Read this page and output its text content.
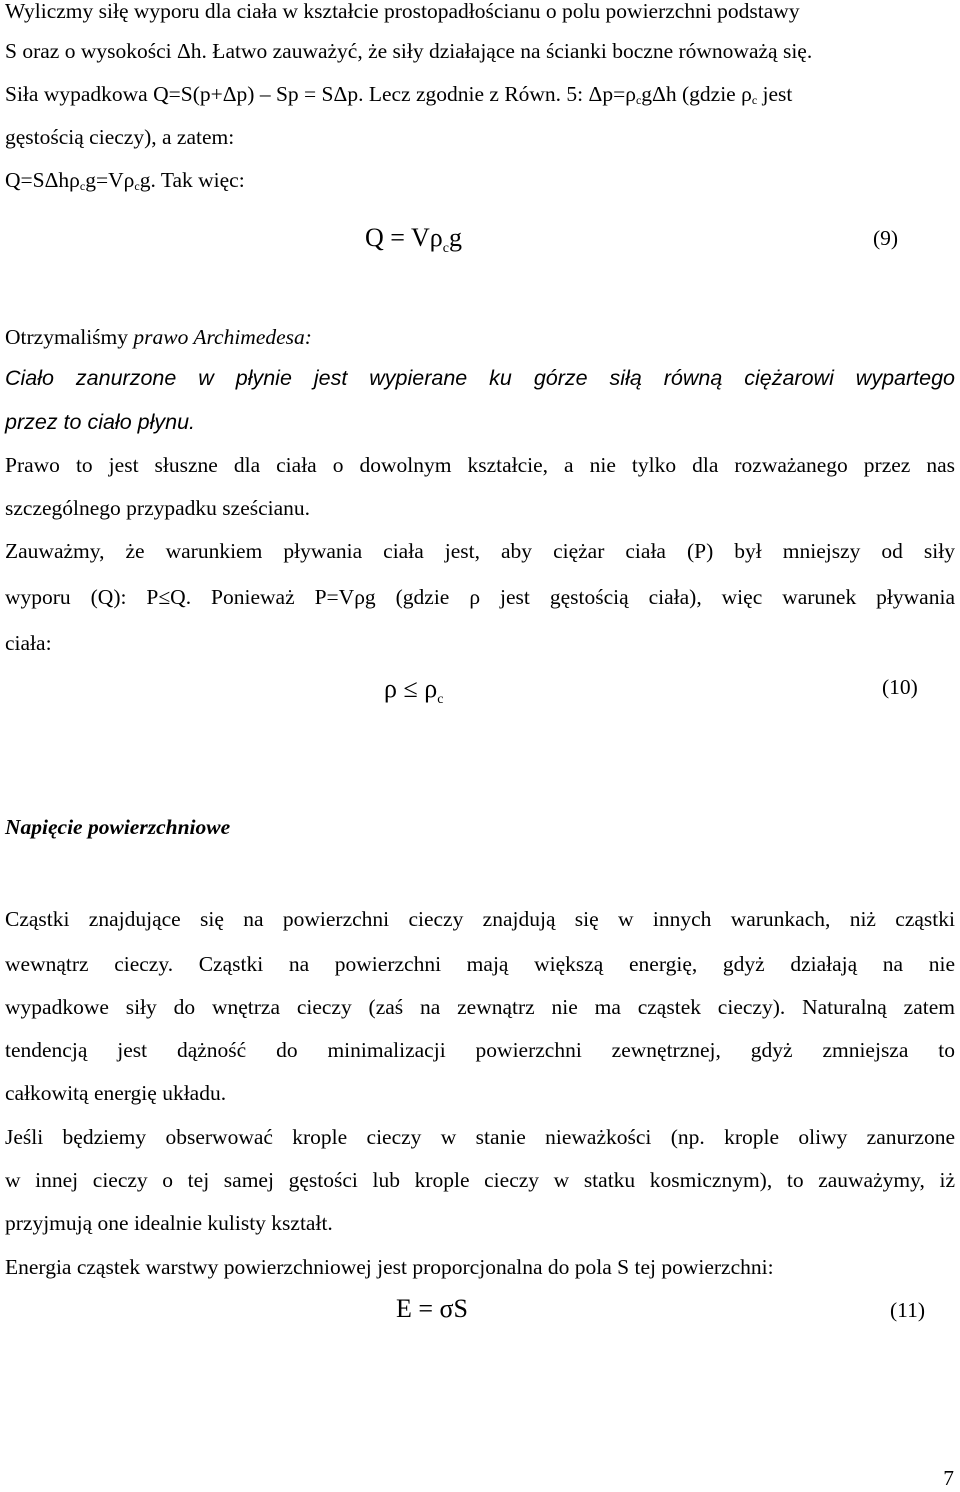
Wyliczmy siłę wyporu dla ciała w kształcie prostopadłościanu o polu powierzchni podstawy
S oraz o wysokości Δh. Łatwo zauważyć, że siły działające na ścianki boczne równoważą się.
Siła wypadkowa Q=S(p+Δp) – Sp = SΔp. Lecz zgodnie z Równ. 5: $\Delta p=\rho_cg\Delta h$ (gdzie $\rho_c$ jest
gęstością cieczy), a zatem:
$Q=S\Delta h\rho_cg=V\rho_cg$. Tak więc:
$Q = V\rho_cg$	(9)
Otrzymaliśmy prawo Archimedesa:
Ciało zanurzone w płynie jest wypierane ku górze siłą równą ciężarowi wypartego
przez to ciało płynu.
Prawo to jest słuszne dla ciała o dowolnym kształcie, a nie tylko dla rozważanego przez nas
szczególnego przypadku sześcianu.
Zauważmy, że warunkiem pływania ciała jest, aby ciężar ciała (P) był mniejszy od siły
wyporu (Q): P≤Q. Ponieważ P=Vρg (gdzie ρ jest gęstością ciała), więc warunek pływania
ciała:
$\rho \le \rho_c$
(10)
Napięcie powierzchniowe
Cząstki znajdujące się na powierzchni cieczy znajdują się w innych warunkach, niż cząstki
wewnątrz cieczy. Cząstki na powierzchni mają większą energię, gdyż działają na nie
wypadkowe siły do wnętrza cieczy (zaś na zewnątrz nie ma cząstek cieczy). Naturalną zatem
tendencją jest dążność do minimalizacji powierzchni zewnętrznej, gdyż zmniejsza to
całkowitą energię układu.
Jeśli będziemy obserwować krople cieczy w stanie nieważkości (np. krople oliwy zanurzone
w innej cieczy o tej samej gęstości lub krople cieczy w statku kosmicznym), to zauważymy, iż
przyjmują one idealnie kulisty kształt.
Energia cząstek warstwy powierzchniowej jest proporcjonalna do pola S tej powierzchni:
E = σS	(11)
7
